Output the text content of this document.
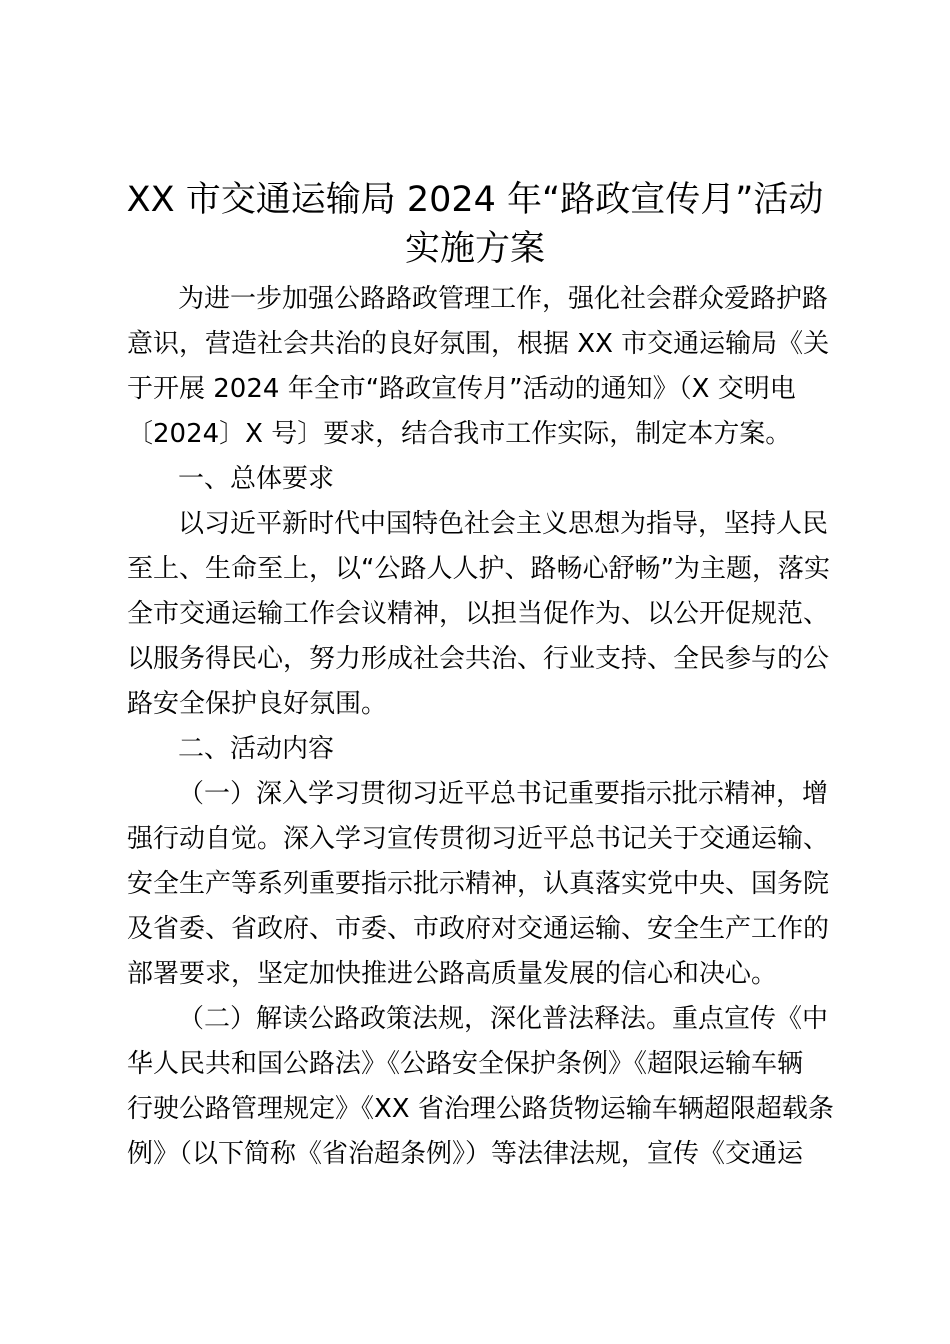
XX 市交通运输局 2024 年“路政宣传月”活动
实施方案
为进一步加强公路路政管理工作，强化社会群众爱路护路
意识，营造社会共治的良好氛围，根据 XX 市交通运输局《关
于开展 2024 年全市“路政宣传月”活动的通知》（X 交明电
〔2024〕X 号〕要求，结合我市工作实际，制定本方案。
一、总体要求
以习近平新时代中国特色社会主义思想为指导，坚持人民
至上、生命至上，以“公路人人护、路畅心舒畅”为主题，落实
全市交通运输工作会议精神，以担当促作为、以公开促规范、
以服务得民心，努力形成社会共治、行业支持、全民参与的公
路安全保护良好氛围。
二、活动内容
（一）深入学习贯彻习近平总书记重要指示批示精神，增
强行动自觉。深入学习宣传贯彻习近平总书记关于交通运输、
安全生产等系列重要指示批示精神，认真落实党中央、国务院
及省委、省政府、市委、市政府对交通运输、安全生产工作的
部署要求，坚定加快推进公路高质量发展的信心和决心。
（二）解读公路政策法规，深化普法释法。重点宣传《中
华人民共和国公路法》《公路安全保护条例》《超限运输车辆
行驶公路管理规定》《XX 省治理公路货物运输车辆超限超载条
例》（以下简称《省治超条例》）等法律法规，宣传《交通运
